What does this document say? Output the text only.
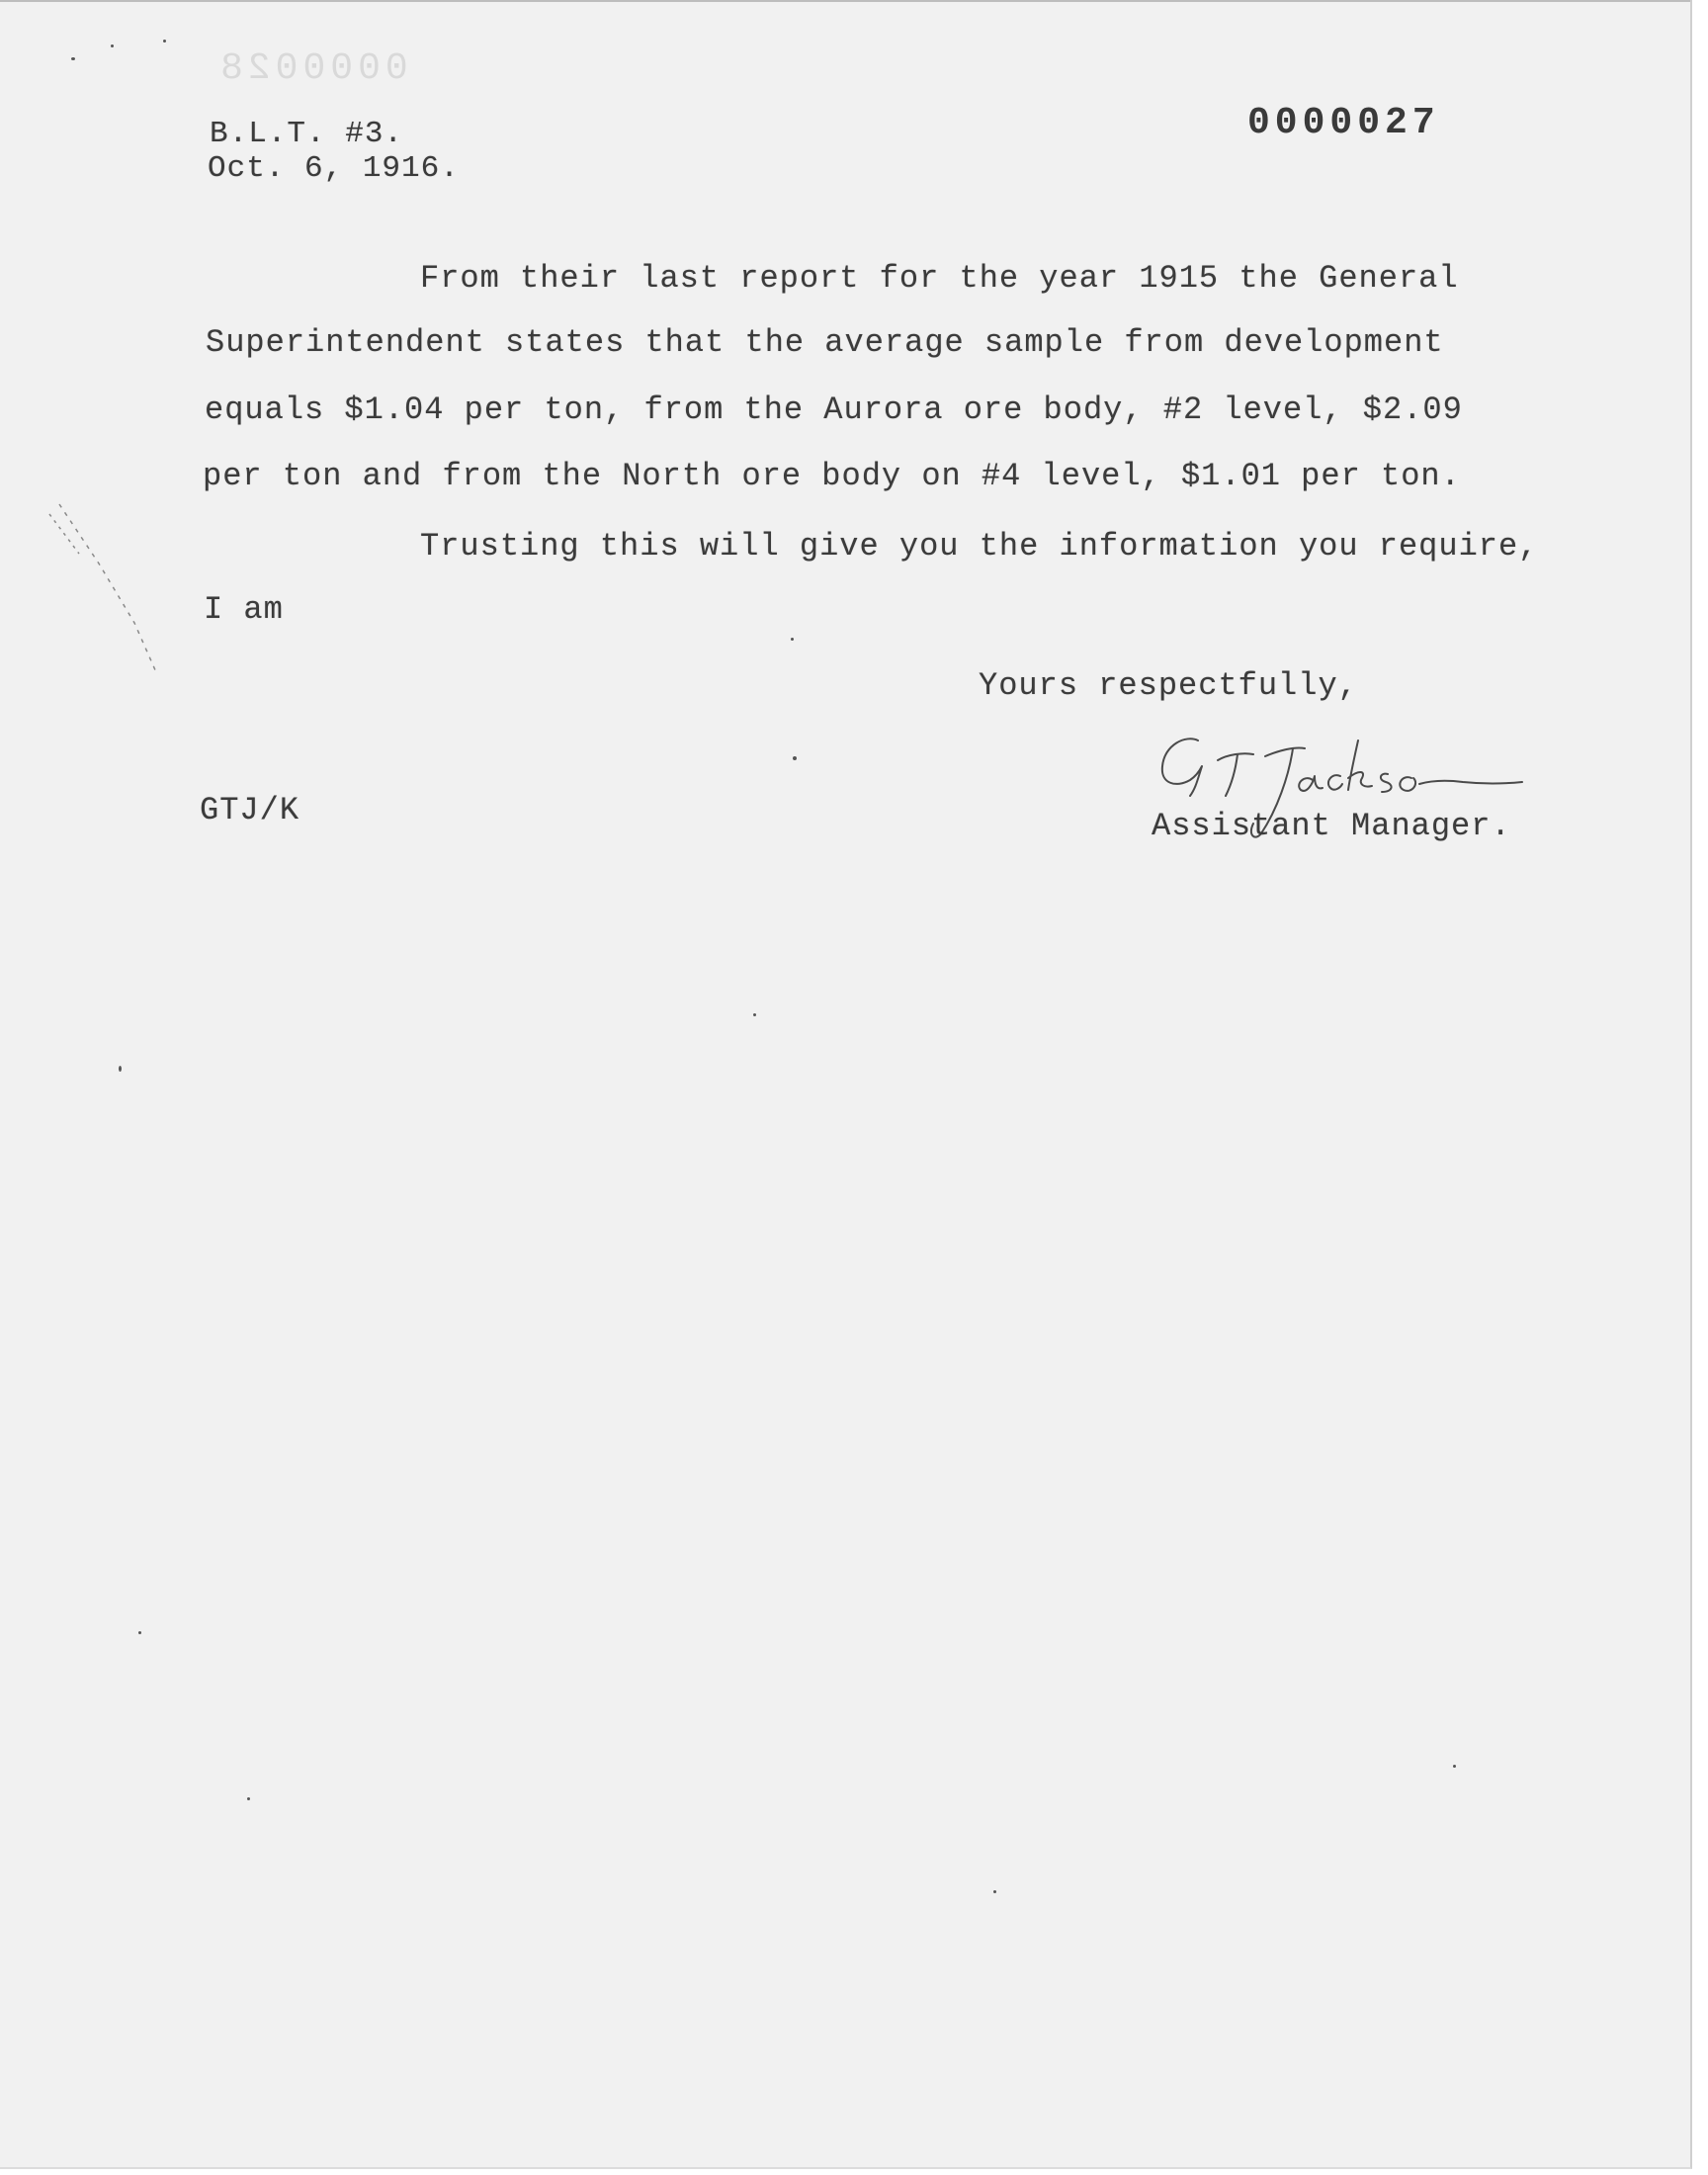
0000028
B.L.T. #3.
Oct. 6, 1916.
0000027
From their last report for the year 1915 the General
Superintendent states that the average sample from development
equals $1.04 per ton, from the Aurora ore body, #2 level, $2.09
per ton and from the North ore body on #4 level, $1.01 per ton.
Trusting this will give you the information you require,
I am
Yours respectfully,
Assistant Manager.
GTJ/K
